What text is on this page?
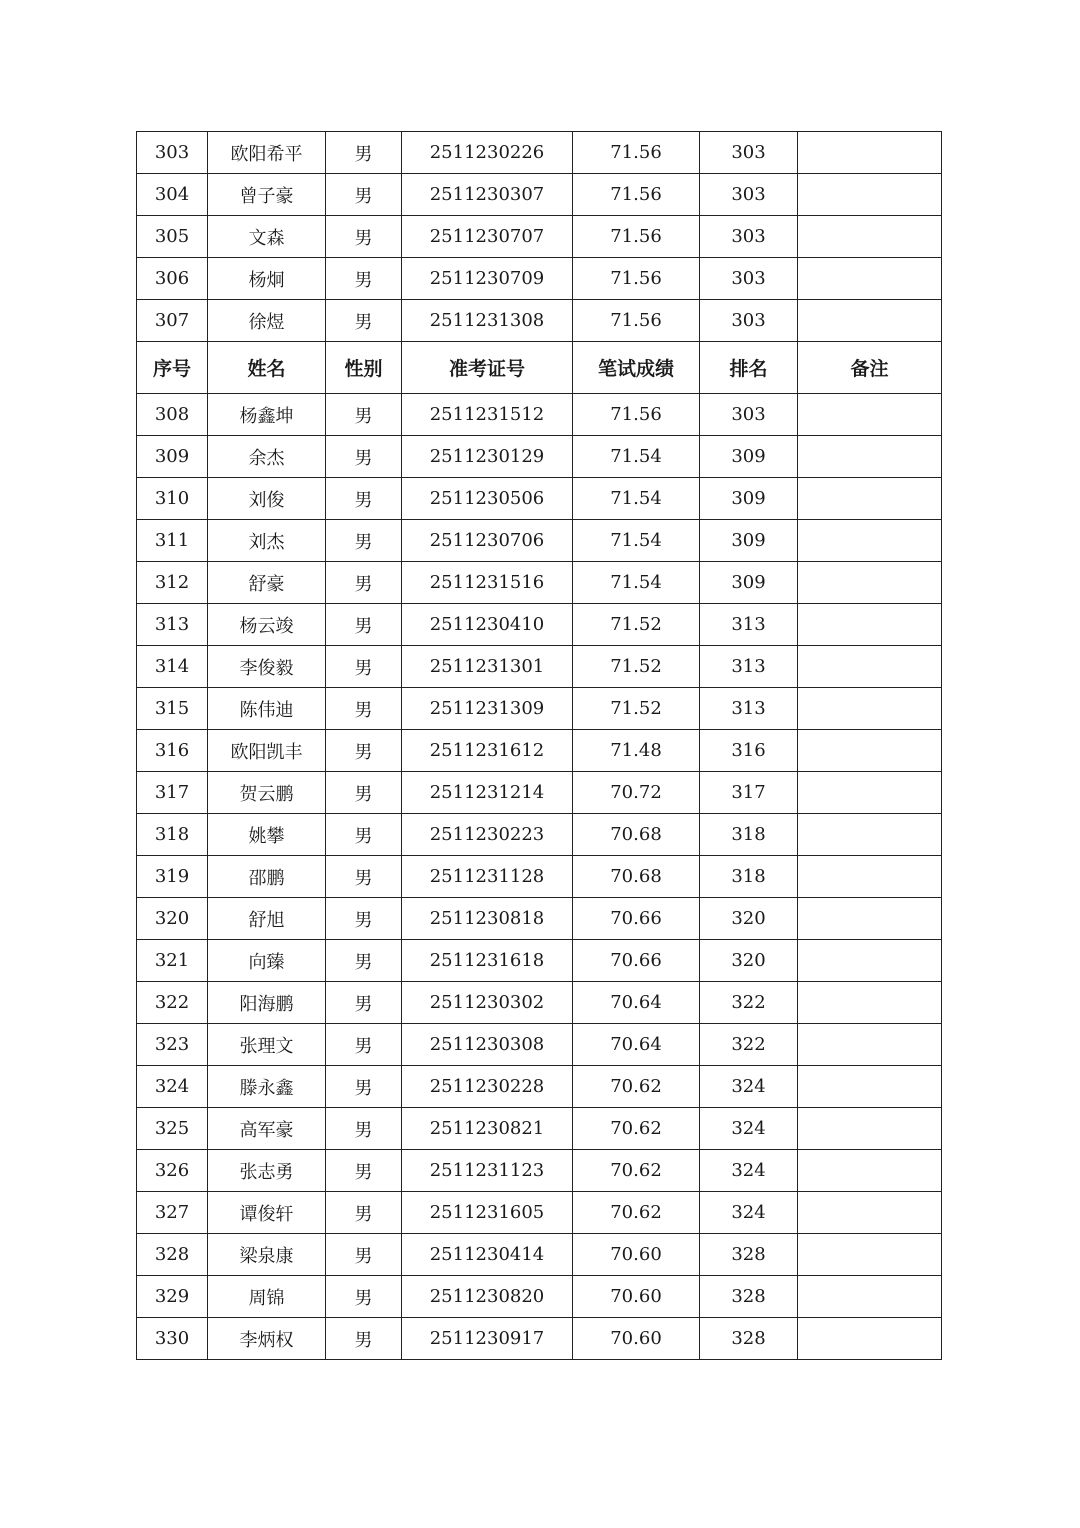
303	欧阳希平	男	2511230226	71.56	303	
304	曾子豪	男	2511230307	71.56	303	
305	文森	男	2511230707	71.56	303	
306	杨炯	男	2511230709	71.56	303	
307	徐煜	男	2511231308	71.56	303	
序号	姓名	性别	准考证号	笔试成绩	排名	备注
308	杨鑫坤	男	2511231512	71.56	303	
309	余杰	男	2511230129	71.54	309	
310	刘俊	男	2511230506	71.54	309	
311	刘杰	男	2511230706	71.54	309	
312	舒豪	男	2511231516	71.54	309	
313	杨云竣	男	2511230410	71.52	313	
314	李俊毅	男	2511231301	71.52	313	
315	陈伟迪	男	2511231309	71.52	313	
316	欧阳凯丰	男	2511231612	71.48	316	
317	贺云鹏	男	2511231214	70.72	317	
318	姚攀	男	2511230223	70.68	318	
319	邵鹏	男	2511231128	70.68	318	
320	舒旭	男	2511230818	70.66	320	
321	向臻	男	2511231618	70.66	320	
322	阳海鹏	男	2511230302	70.64	322	
323	张理文	男	2511230308	70.64	322	
324	滕永鑫	男	2511230228	70.62	324	
325	高军豪	男	2511230821	70.62	324	
326	张志勇	男	2511231123	70.62	324	
327	谭俊轩	男	2511231605	70.62	324	
328	梁泉康	男	2511230414	70.60	328	
329	周锦	男	2511230820	70.60	328	
330	李炳权	男	2511230917	70.60	328	
